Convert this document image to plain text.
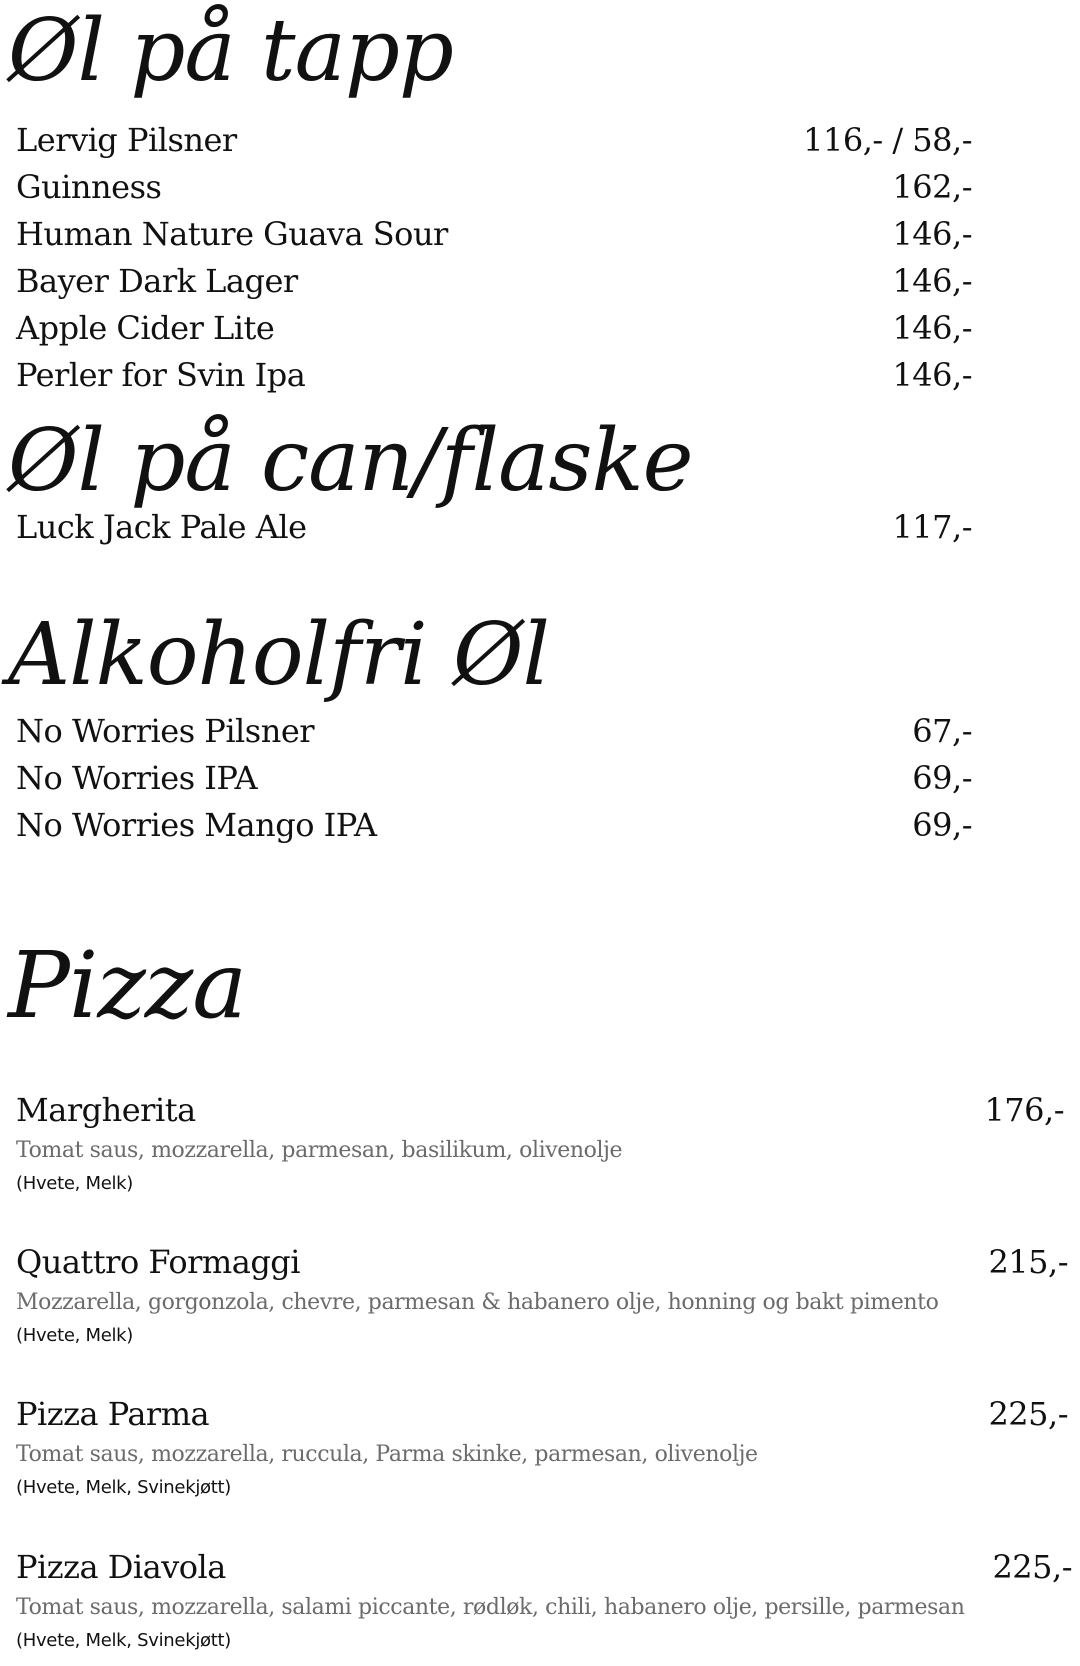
Øl på tapp
Lervig Pilsner	116,- / 58,-
Guinness	162,-
Human Nature Guava Sour	146,-
Bayer Dark Lager	146,-
Apple Cider Lite	146,-
Perler for Svin Ipa	146,-
Øl på can/flaske
Luck Jack Pale Ale	117,-
Alkoholfri Øl
No Worries Pilsner	67,-
No Worries IPA	69,-
No Worries Mango IPA	69,-
Pizza
Margherita	176,-
Tomat saus, mozzarella, parmesan, basilikum, olivenolje
(Hvete, Melk)
Quattro Formaggi	215,-
Mozzarella, gorgonzola, chevre, parmesan & habanero olje, honning og bakt pimento
(Hvete, Melk)
Pizza Parma	225,-
Tomat saus, mozzarella, ruccula, Parma skinke, parmesan, olivenolje
(Hvete, Melk, Svinekjøtt)
Pizza Diavola	225,-
Tomat saus, mozzarella, salami piccante, rødløk, chili, habanero olje, persille, parmesan
(Hvete, Melk, Svinekjøtt)
